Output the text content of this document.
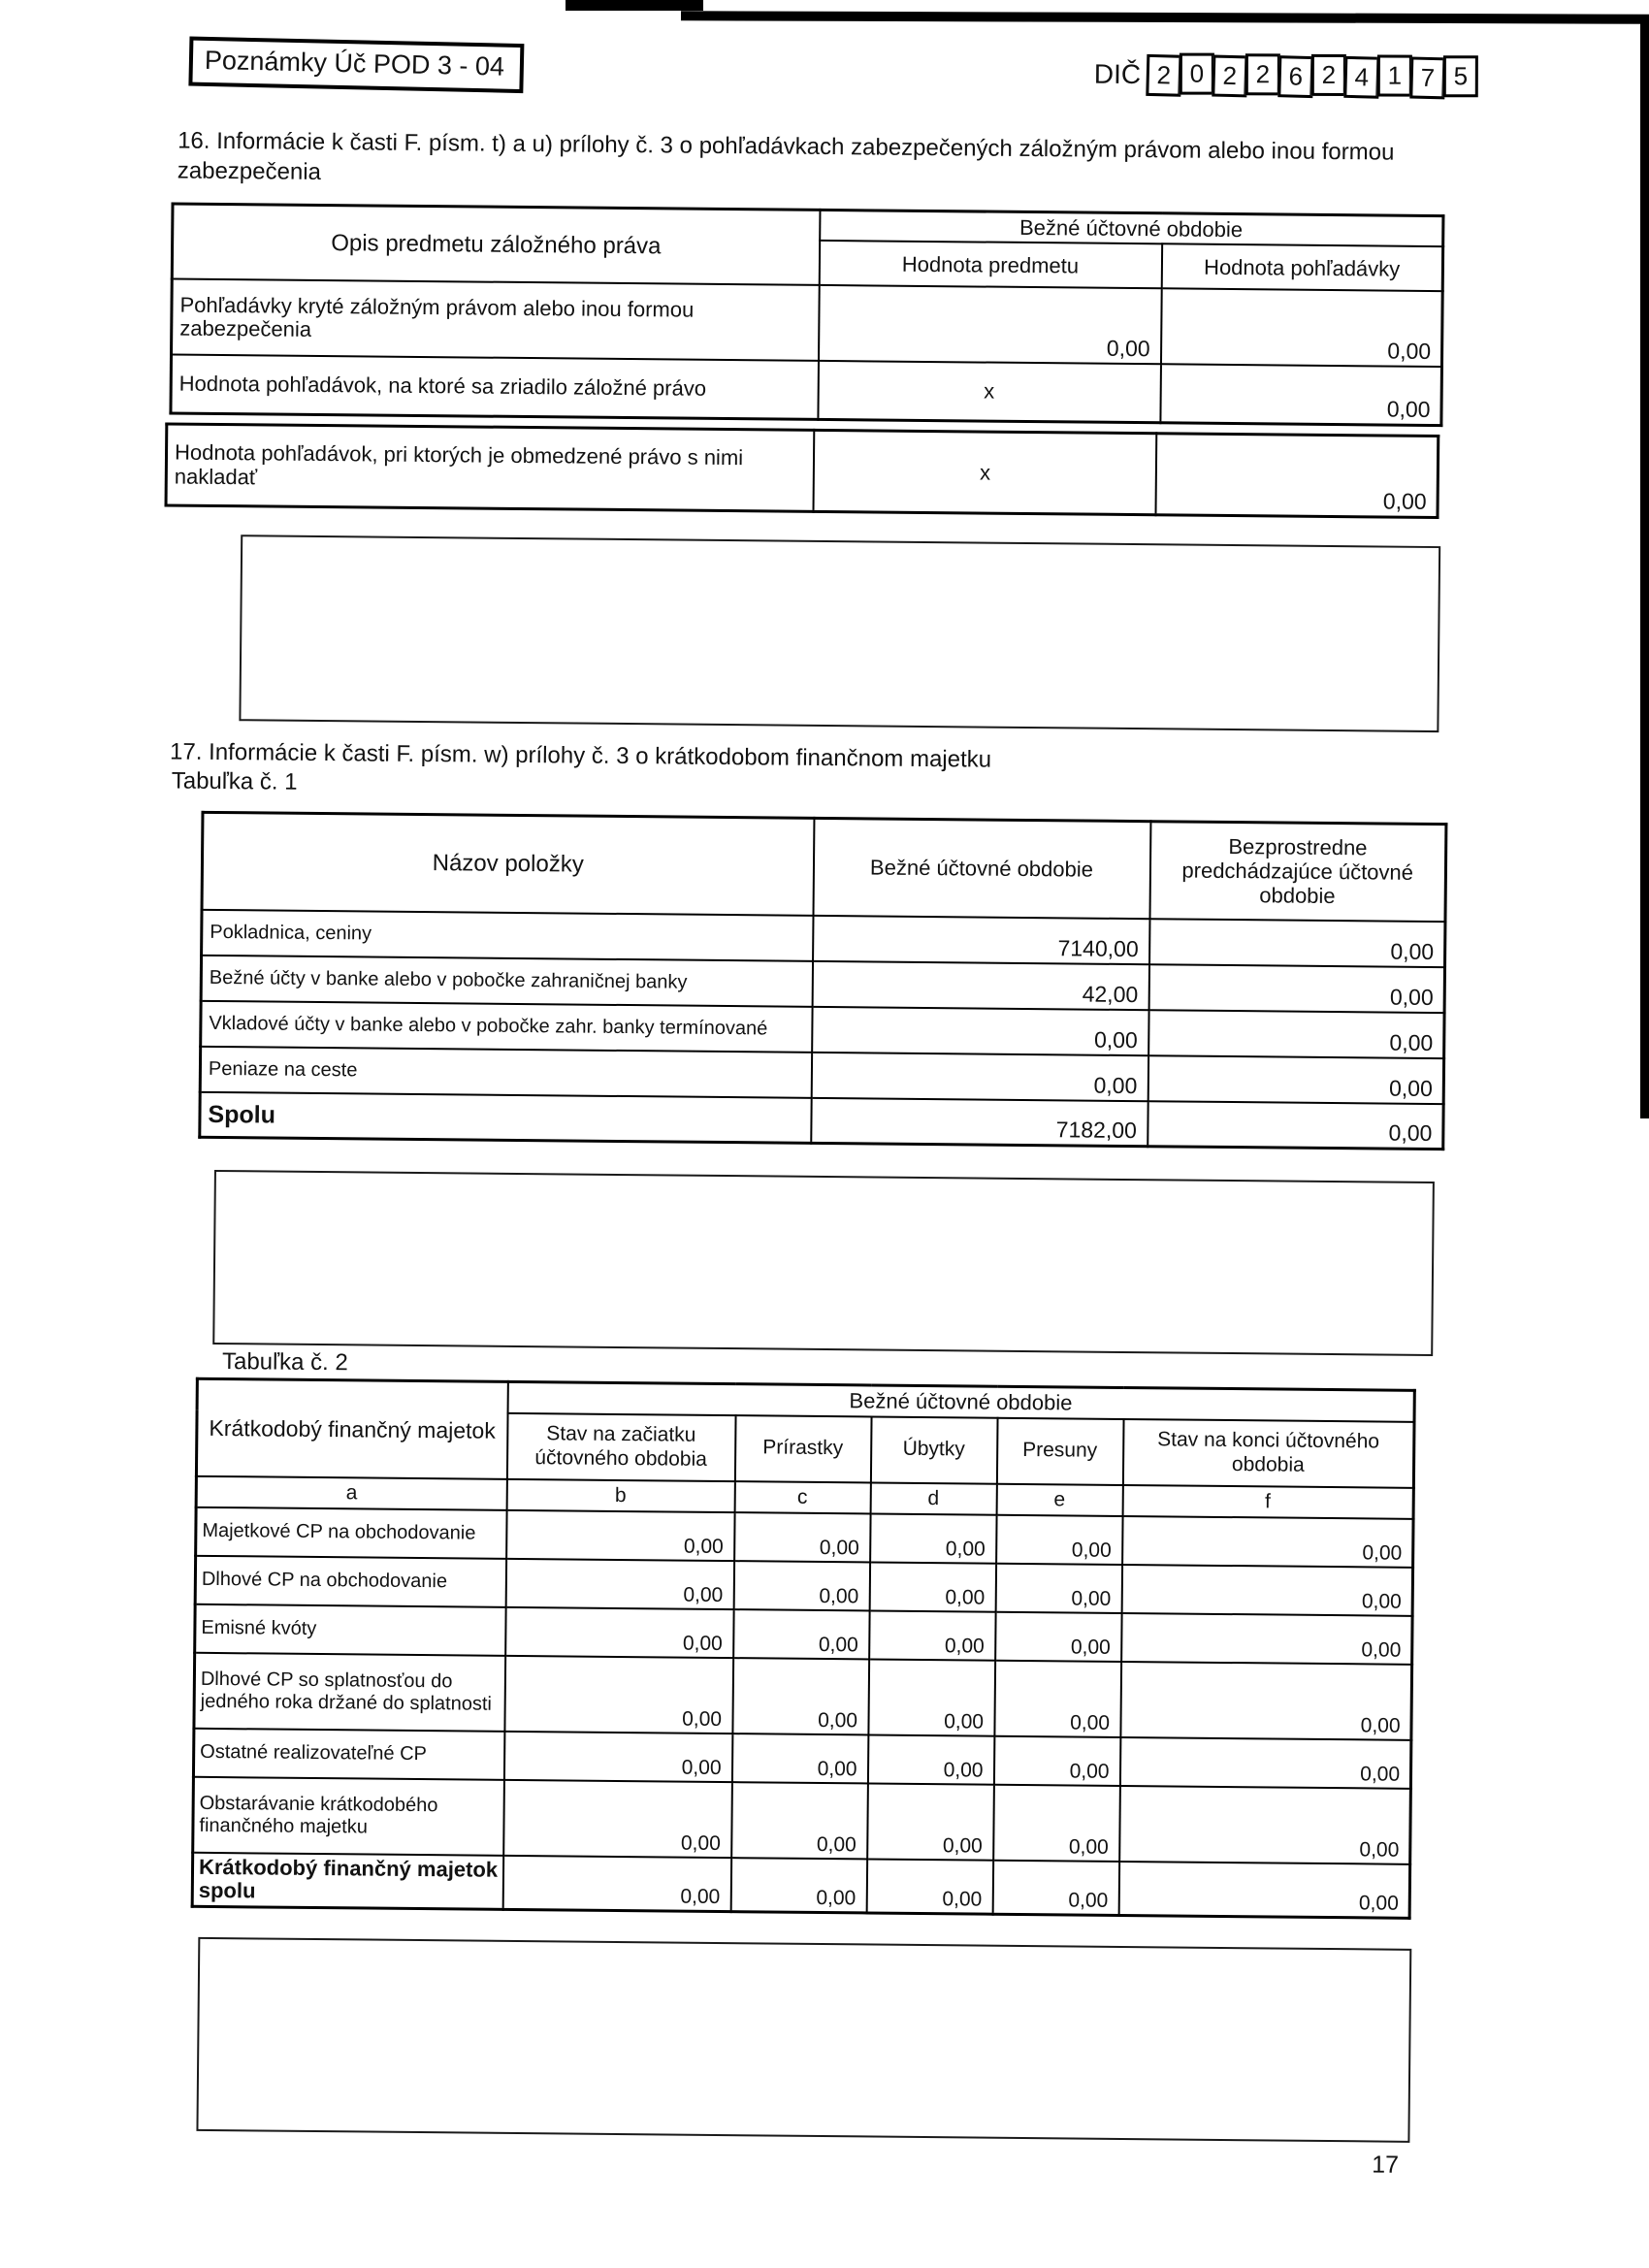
Poznámky Úč POD 3 - 04	DIČ 2 0 2 2 6 2 4 1 7 5
16. Informácie k časti F. písm. t) a u) prílohy č. 3 o pohľadávkach zabezpečených záložným právom alebo inou formou zabezpečenia
Opis predmetu záložného práva	Bežné účtovné obdobie	
	Hodnota predmetu	Hodnota pohľadávky
Pohľadávky kryté záložným právom alebo inou formou zabezpečenia	0,00	0,00
Hodnota pohľadávok, na ktoré sa zriadilo záložné právo	x	0,00
Hodnota pohľadávok, pri ktorých je obmedzené právo s nimi nakladať	x	0,00
17. Informácie k časti F. písm. w) prílohy č. 3 o krátkodobom finančnom majetku
Tabuľka č. 1
Názov položky	Bežné účtovné obdobie	Bezprostredne predchádzajúce účtovné obdobie
Pokladnica, ceniny	7140,00	0,00
Bežné účty v banke alebo v pobočke zahraničnej banky	42,00	0,00
Vkladové účty v banke alebo v pobočke zahr. banky termínované	0,00	0,00
Peniaze na ceste	0,00	0,00
Spolu	7182,00	0,00
Tabuľka č. 2
Krátkodobý finančný majetok	Bežné účtovné obdobie				
	Stav na začiatku účtovného obdobia	Prírastky	Úbytky	Presuny	Stav na konci účtovného obdobia
a	b	c	d	e	f
Majetkové CP na obchodovanie	0,00	0,00	0,00	0,00	0,00
Dlhové CP na obchodovanie	0,00	0,00	0,00	0,00	0,00
Emisné kvóty	0,00	0,00	0,00	0,00	0,00
Dlhové CP so splatnosťou do jedného roka držané do splatnosti	0,00	0,00	0,00	0,00	0,00
Ostatné realizovateľné CP	0,00	0,00	0,00	0,00	0,00
Obstarávanie krátkodobého finančného majetku	0,00	0,00	0,00	0,00	0,00
Krátkodobý finančný majetok spolu	0,00	0,00	0,00	0,00	0,00
17
